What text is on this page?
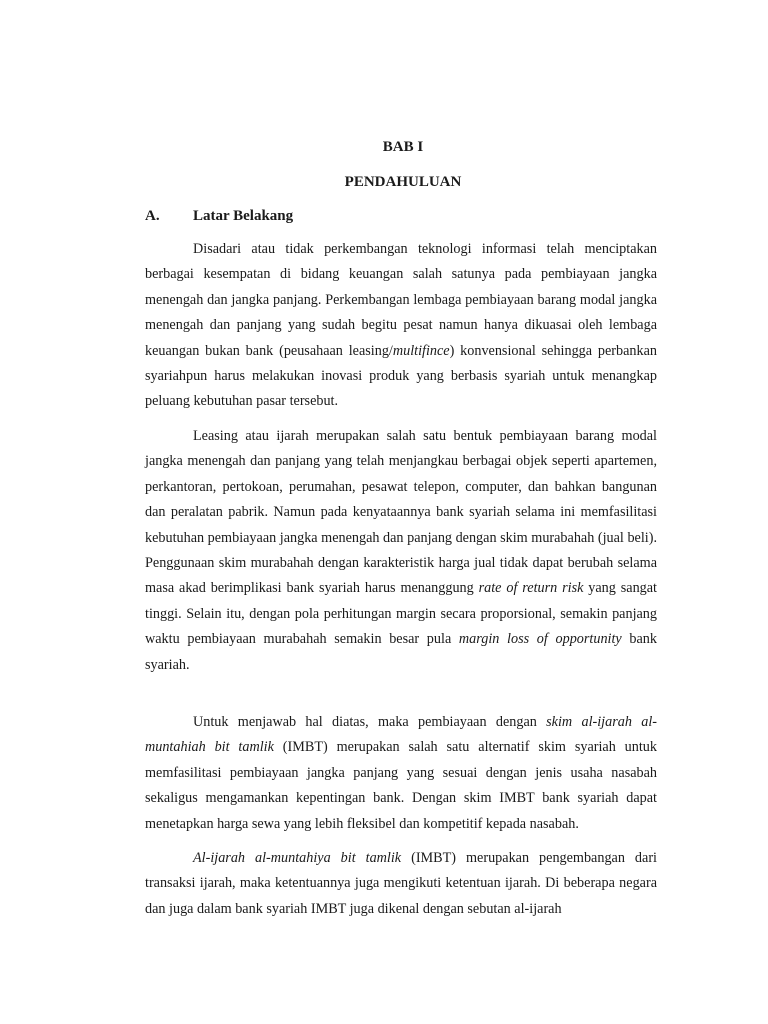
BAB I
PENDAHULUAN
A. Latar Belakang

Disadari atau tidak perkembangan teknologi informasi telah menciptakan berbagai kesempatan di bidang keuangan salah satunya pada pembiayaan jangka menengah dan jangka panjang. Perkembangan lembaga pembiayaan barang modal jangka menengah dan panjang yang sudah begitu pesat namun hanya dikuasai oleh lembaga keuangan bukan bank (peusahaan leasing/multifince) konvensional sehingga perbankan syariahpun harus melakukan inovasi produk yang berbasis syariah untuk menangkap peluang kebutuhan pasar tersebut.

Leasing atau ijarah merupakan salah satu bentuk pembiayaan barang modal jangka menengah dan panjang yang telah menjangkau berbagai objek seperti apartemen, perkantoran, pertokoan, perumahan, pesawat telepon, computer, dan bahkan bangunan dan peralatan pabrik. Namun pada kenyataannya bank syariah selama ini memfasilitasi kebutuhan pembiayaan jangka menengah dan panjang dengan skim murabahah (jual beli). Penggunaan skim murabahah dengan karakteristik harga jual tidak dapat berubah selama masa akad berimplikasi bank syariah harus menanggung rate of return risk yang sangat tinggi. Selain itu, dengan pola perhitungan margin secara proporsional, semakin panjang waktu pembiayaan murabahah semakin besar pula margin loss of opportunity bank syariah.

Untuk menjawab hal diatas, maka pembiayaan dengan skim al-ijarah al-muntahiah bit tamlik (IMBT) merupakan salah satu alternatif skim syariah untuk memfasilitasi pembiayaan jangka panjang yang sesuai dengan jenis usaha nasabah sekaligus mengamankan kepentingan bank. Dengan skim IMBT bank syariah dapat menetapkan harga sewa yang lebih fleksibel dan kompetitif kepada nasabah.

Al-ijarah al-muntahiya bit tamlik (IMBT) merupakan pengembangan dari transaksi ijarah, maka ketentuannya juga mengikuti ketentuan ijarah. Di beberapa negara dan juga dalam bank syariah IMBT juga dikenal dengan sebutan al-ijarah
